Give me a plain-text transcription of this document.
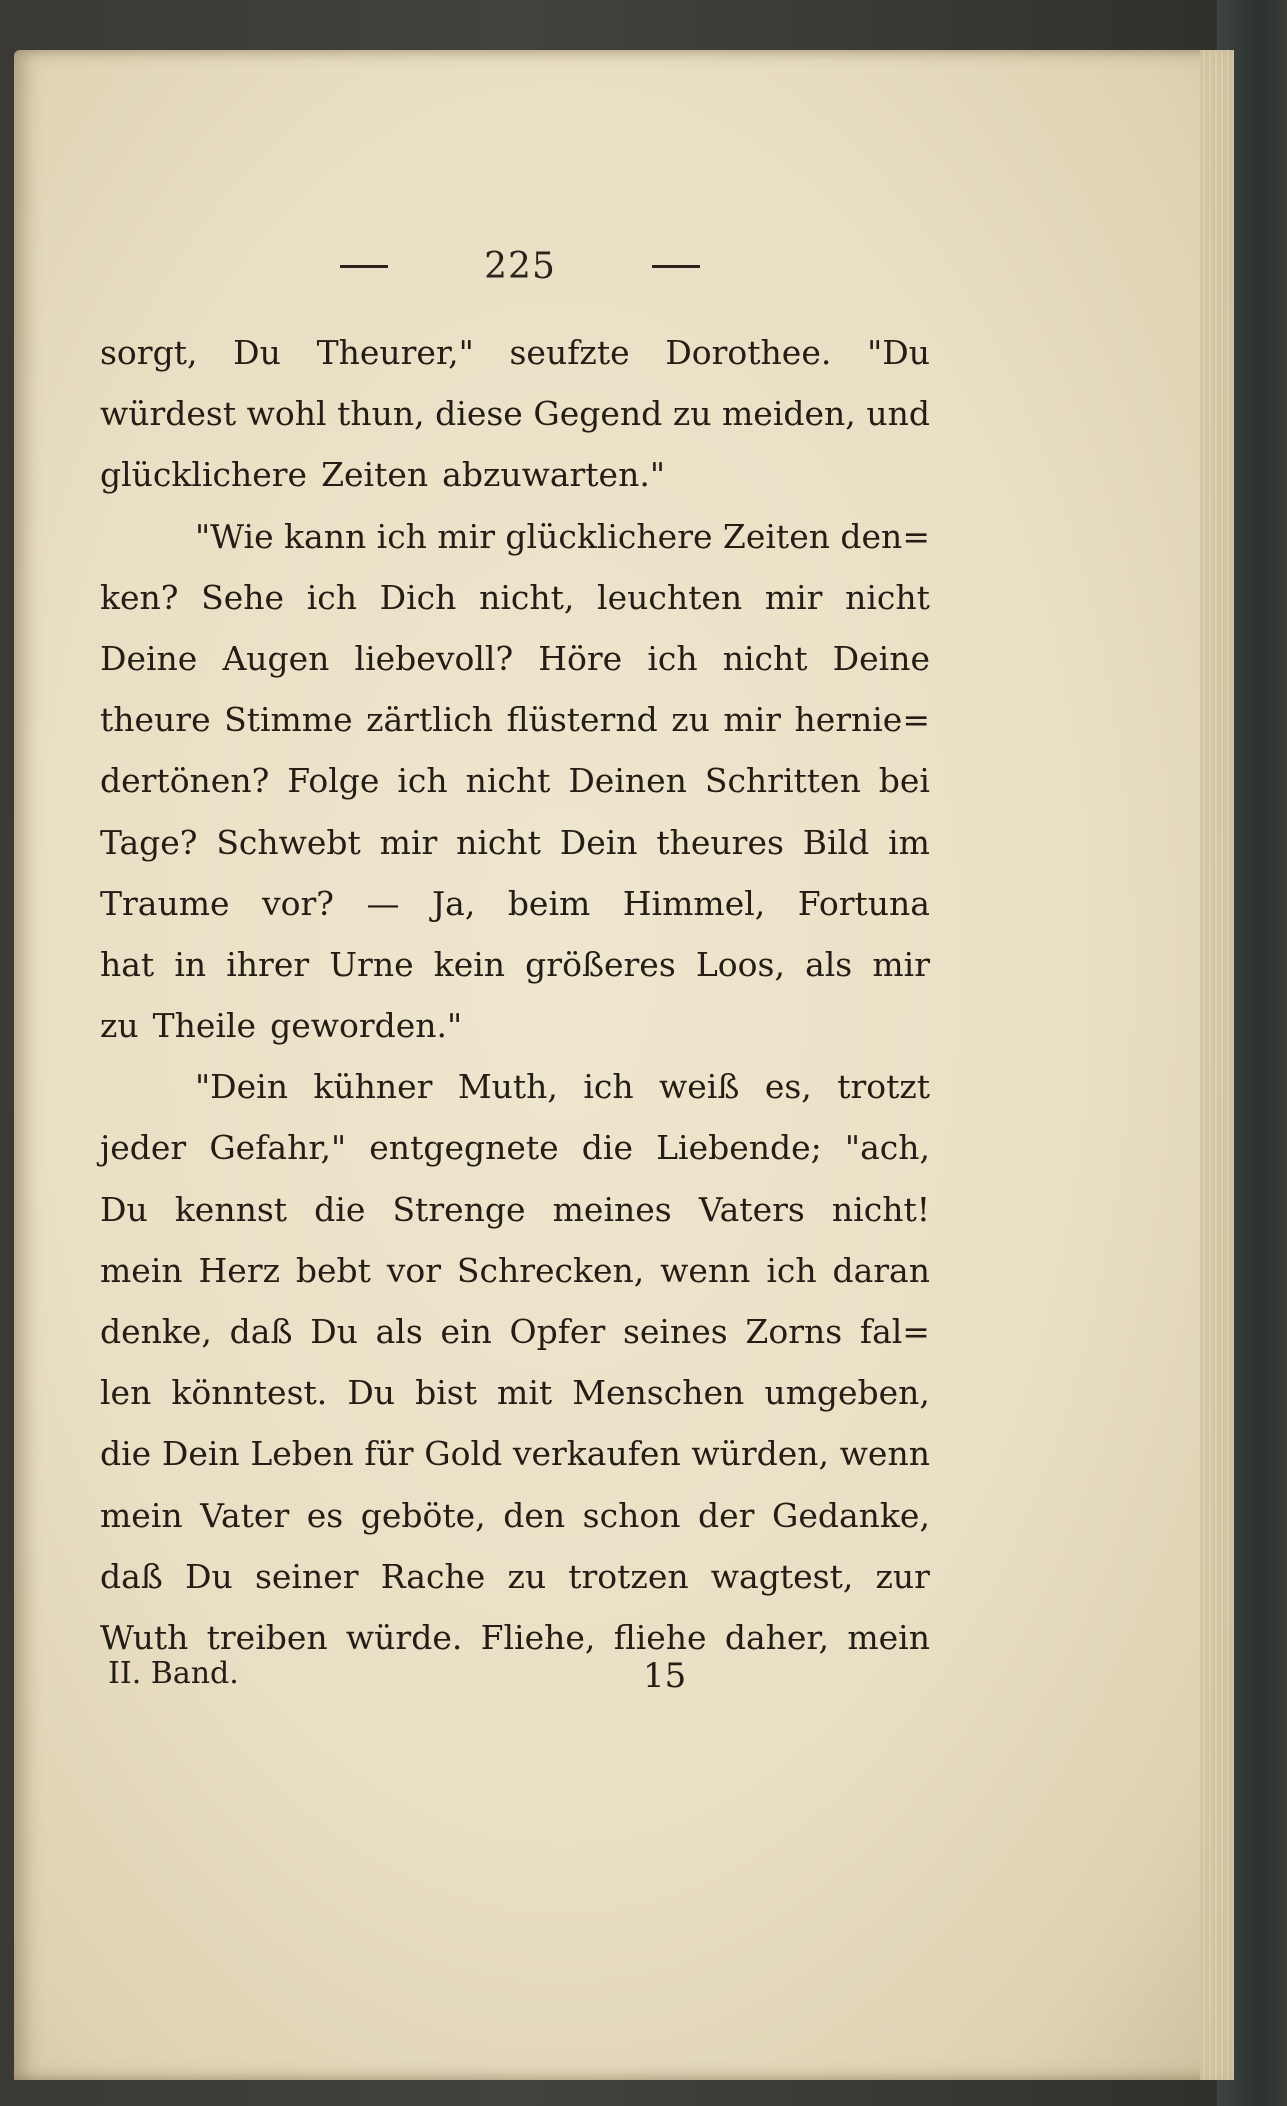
225
sorgt, Du Theurer," seufzte Dorothee. "Du
würdest wohl thun, diese Gegend zu meiden, und
glücklichere Zeiten abzuwarten."
"Wie kann ich mir glücklichere Zeiten den=
ken? Sehe ich Dich nicht, leuchten mir nicht
Deine Augen liebevoll? Höre ich nicht Deine
theure Stimme zärtlich flüsternd zu mir hernie=
dertönen? Folge ich nicht Deinen Schritten bei
Tage? Schwebt mir nicht Dein theures Bild im
Traume vor? — Ja, beim Himmel, Fortuna
hat in ihrer Urne kein größeres Loos, als mir
zu Theile geworden."
"Dein kühner Muth, ich weiß es, trotzt
jeder Gefahr," entgegnete die Liebende; "ach,
Du kennst die Strenge meines Vaters nicht!
mein Herz bebt vor Schrecken, wenn ich daran
denke, daß Du als ein Opfer seines Zorns fal=
len könntest. Du bist mit Menschen umgeben,
die Dein Leben für Gold verkaufen würden, wenn
mein Vater es geböte, den schon der Gedanke,
daß Du seiner Rache zu trotzen wagtest, zur
Wuth treiben würde. Fliehe, fliehe daher, mein
II. Band.	15
